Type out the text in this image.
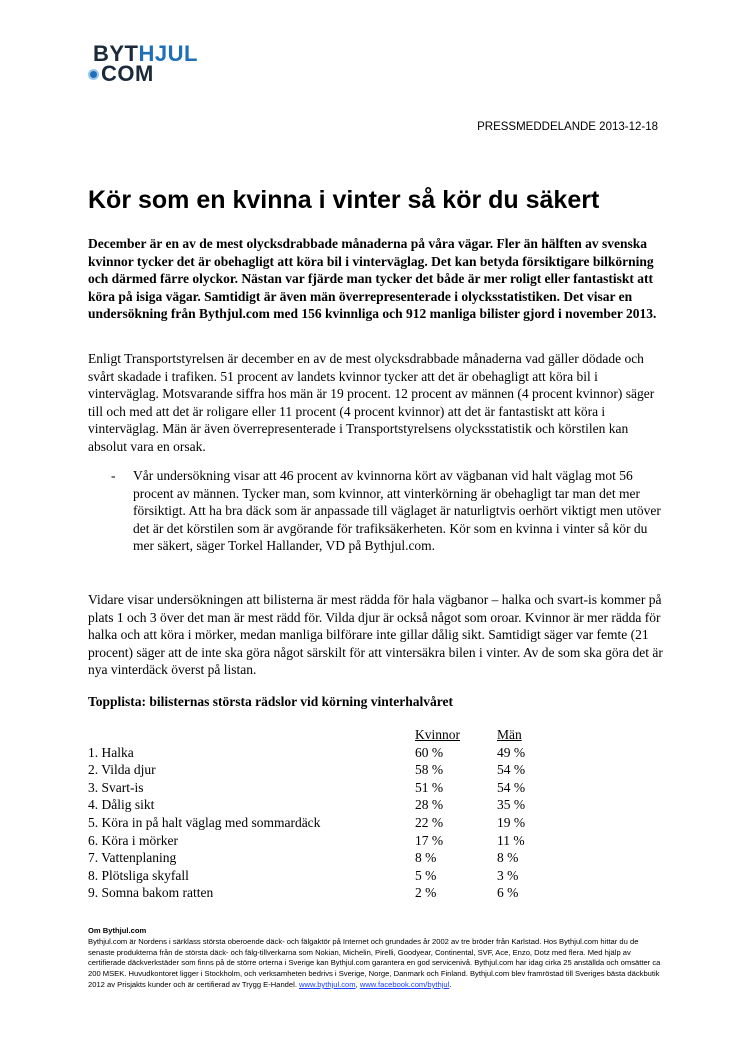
BYTHJUL
COM
PRESSMEDDELANDE 2013-12-18
Kör som en kvinna i vinter så kör du säkert

December är en av de mest olycksdrabbade månaderna på våra vägar. Fler än hälften av svenska kvinnor tycker det är obehagligt att köra bil i vinterväglag. Det kan betyda försiktigare bilkörning och därmed färre olyckor. Nästan var fjärde man tycker det både är mer roligt eller fantastiskt att köra på isiga vägar. Samtidigt är även män överrepresenterade i olycksstatistiken. Det visar en undersökning från Bythjul.com med 156 kvinnliga och 912 manliga bilister gjord i november 2013.

Enligt Transportstyrelsen är december en av de mest olycksdrabbade månaderna vad gäller dödade och svårt skadade i trafiken. 51 procent av landets kvinnor tycker att det är obehagligt att köra bil i vinterväglag. Motsvarande siffra hos män är 19 procent. 12 procent av männen (4 procent kvinnor) säger till och med att det är roligare eller 11 procent (4 procent kvinnor) att det är fantastiskt att köra i vinterväglag. Män är även överrepresenterade i Transportstyrelsens olycksstatistik och körstilen kan absolut vara en orsak.

-	Vår undersökning visar att 46 procent av kvinnorna kört av vägbanan vid halt väglag mot 56 procent av männen. Tycker man, som kvinnor, att vinterkörning är obehagligt tar man det mer försiktigt. Att ha bra däck som är anpassade till väglaget är naturligtvis oerhört viktigt men utöver det är det körstilen som är avgörande för trafiksäkerheten. Kör som en kvinna i vinter så kör du mer säkert, säger Torkel Hallander, VD på Bythjul.com.

Vidare visar undersökningen att bilisterna är mest rädda för hala vägbanor – halka och svart-is kommer på plats 1 och 3 över det man är mest rädd för. Vilda djur är också något som oroar. Kvinnor är mer rädda för halka och att köra i mörker, medan manliga bilförare inte gillar dålig sikt. Samtidigt säger var femte (21 procent) säger att de inte ska göra något särskilt för att vintersäkra bilen i vinter. Av de som ska göra det är nya vinterdäck överst på listan.

Topplista: bilisternas största rädslor vid körning vinterhalvåret

	Kvinnor	Män
1. Halka	60 %	49 %
2. Vilda djur	58 %	54 %
3. Svart-is	51 %	54 %
4. Dålig sikt	28 %	35 %
5. Köra in på halt väglag med sommardäck	22 %	19 %
6. Köra i mörker	17 %	11 %
7. Vattenplaning	8 %	8 %
8. Plötsliga skyfall	5 %	3 %
9. Somna bakom ratten	2 %	6 %
Om Bythjul.com
Bythjul.com är Nordens i särklass största oberoende däck- och fälgaktör på Internet och grundades år 2002 av tre bröder från Karlstad. Hos Bythjul.com hittar du de senaste produkterna från de största däck- och fälg-tillverkarna som Nokian, Michelin, Pirelli, Goodyear, Continental, SVF, Ace, Enzo, Dotz med flera. Med hjälp av certifierade däckverkstäder som finns på de större orterna i Sverige kan Bythjul.com garantera en god servicenivå. Bythjul.com har idag cirka 25 anställda och omsätter ca 200 MSEK. Huvudkontoret ligger i Stockholm, och verksamheten bedrivs i Sverige, Norge, Danmark och Finland. Bythjul.com blev framröstad till Sveriges bästa däckbutik 2012 av Prisjakts kunder och är certifierad av Trygg E-Handel. www.bythjul.com, www.facebook.com/bythjul.
